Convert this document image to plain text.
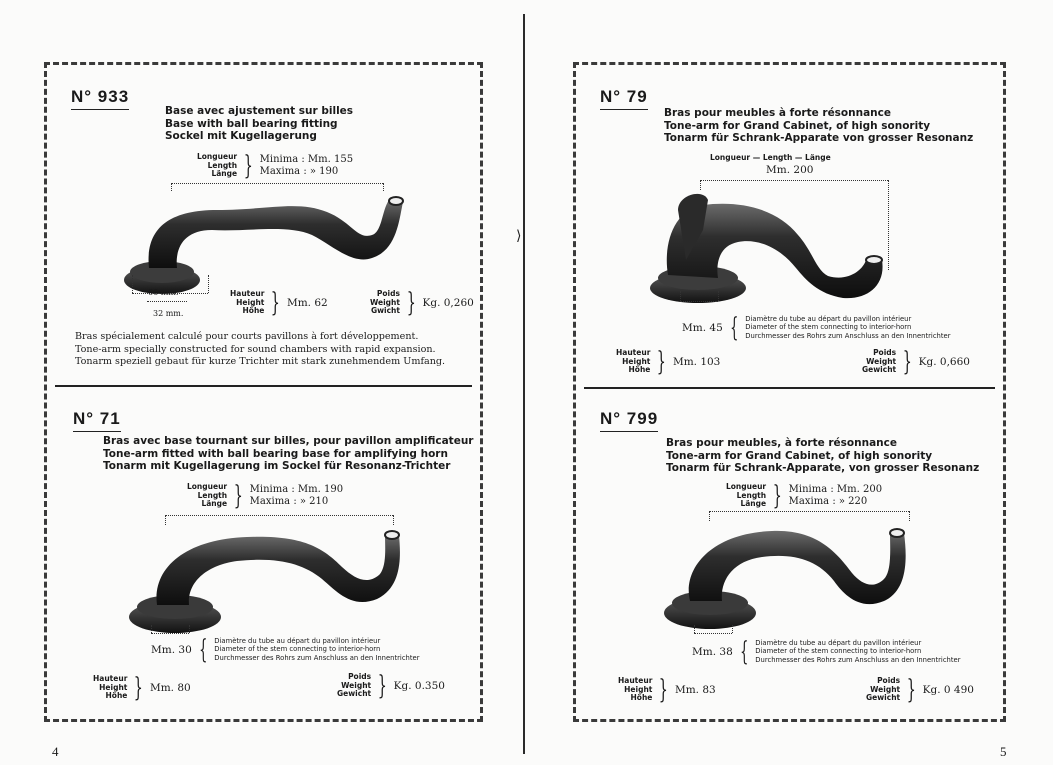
⟩
N° 933
Base avec ajustement sur billes
Base with ball bearing fitting
Sockel mit Kugellagerung
Longueur
Length
Länge } Minima : Mm. 155
Maxima : » 190
66 mm.
32 mm.
Hauteur
Height
Höhe } Mm. 62
Poids
Weight
Gwicht } Kg. 0,260
Bras spécialement calculé pour courts pavillons à fort développement.
Tone-arm specially constructed for sound chambers with rapid expansion.
Tonarm speziell gebaut für kurze Trichter mit stark zunehmendem Umfang.
N° 71
Bras avec base tournant sur billes, pour pavillon amplificateur
Tone-arm fitted with ball bearing base for amplifying horn
Tonarm mit Kugellagerung im Sockel für Resonanz-Trichter
Longueur
Length
Länge } Minima : Mm. 190
Maxima : » 210
Mm. 30 { Diamètre du tube au départ du pavillon intérieur
Diameter of the stem connecting to interior-horn
Durchmesser des Rohrs zum Anschluss an den Innentrichter
Hauteur
Height
Höhe } Mm. 80
Poids
Weight
Gewicht } Kg. 0.350
N° 79
Bras pour meubles à forte résonnance
Tone-arm for Grand Cabinet, of high sonority
Tonarm für Schrank-Apparate von grosser Resonanz
Longueur — Length — Länge
Mm. 200
Mm. 45 { Diamètre du tube au départ du pavillon intérieur
Diameter of the stem connecting to interior-horn
Durchmesser des Rohrs zum Anschluss an den Innentrichter
Hauteur
Height
Höhe } Mm. 103
Poids
Weight
Gewicht } Kg. 0,660
N° 799
Bras pour meubles, à forte résonnance
Tone-arm for Grand Cabinet, of high sonority
Tonarm für Schrank-Apparate, von grosser Resonanz
Longueur
Length
Länge } Minima : Mm. 200
Maxima : » 220
Mm. 38 { Diamètre du tube au départ du pavillon intérieur
Diameter of the stem connecting to interior-horn
Durchmesser des Rohrs zum Anschluss an den Innentrichter
Hauteur
Height
Höhe } Mm. 83
Poids
Weight
Gewicht } Kg. 0 490
4	5
